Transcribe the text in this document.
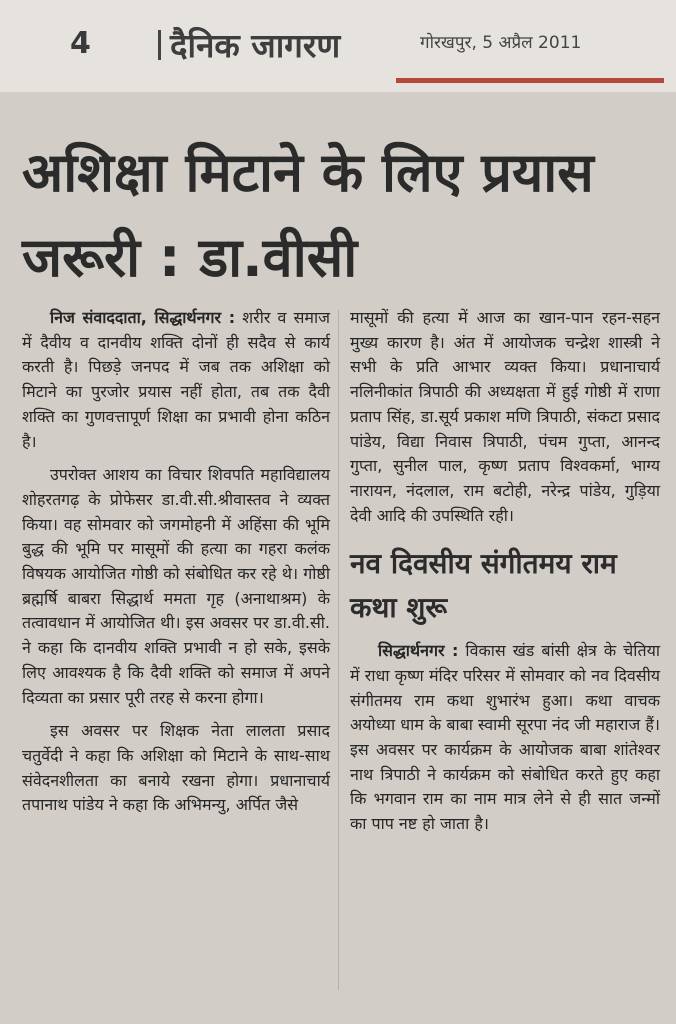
4 दैनिक जागरण	गोरखपुर, 5 अप्रैल 2011
अशिक्षा मिटाने के लिए प्रयास जरूरी : डा.वीसी

निज संवाददाता, सिद्धार्थनगर : शरीर व समाज में दैवीय व दानवीय शक्ति दोनों ही सदैव से कार्य करती है। पिछड़े जनपद में जब तक अशिक्षा को मिटाने का पुरजोर प्रयास नहीं होता, तब तक दैवी शक्ति का गुणवत्तापूर्ण शिक्षा का प्रभावी होना कठिन है।

उपरोक्त आशय का विचार शिवपति महाविद्यालय शोहरतगढ़ के प्रोफेसर डा.वी.सी.श्रीवास्तव ने व्यक्त किया। वह सोमवार को जगमोहनी में अहिंसा की भूमि बुद्ध की भूमि पर मासूमों की हत्या का गहरा कलंक विषयक आयोजित गोष्ठी को संबोधित कर रहे थे। गोष्ठी ब्रह्मर्षि बाबरा सिद्धार्थ ममता गृह (अनाथाश्रम) के तत्वावधान में आयोजित थी। इस अवसर पर डा.वी.सी. ने कहा कि दानवीय शक्ति प्रभावी न हो सके, इसके लिए आवश्यक है कि दैवी शक्ति को समाज में अपने दिव्यता का प्रसार पूरी तरह से करना होगा।

इस अवसर पर शिक्षक नेता लालता प्रसाद चतुर्वेदी ने कहा कि अशिक्षा को मिटाने के साथ-साथ संवेदनशीलता का बनाये रखना होगा। प्रधानाचार्य तपानाथ पांडेय ने कहा कि अभिमन्यु, अर्पित जैसे

मासूमों की हत्या में आज का खान-पान रहन-सहन मुख्य कारण है। अंत में आयोजक चन्द्रेश शास्त्री ने सभी के प्रति आभार व्यक्त किया। प्रधानाचार्य नलिनीकांत त्रिपाठी की अध्यक्षता में हुई गोष्ठी में राणा प्रताप सिंह, डा.सूर्य प्रकाश मणि त्रिपाठी, संकटा प्रसाद पांडेय, विद्या निवास त्रिपाठी, पंचम गुप्ता, आनन्द गुप्ता, सुनील पाल, कृष्ण प्रताप विश्वकर्मा, भाग्य नारायन, नंदलाल, राम बटोही, नरेन्द्र पांडेय, गुड़िया देवी आदि की उपस्थिति रही।

नव दिवसीय संगीतमय राम कथा शुरू

सिद्धार्थनगर : विकास खंड बांसी क्षेत्र के चेतिया में राधा कृष्ण मंदिर परिसर में सोमवार को नव दिवसीय संगीतमय राम कथा शुभारंभ हुआ। कथा वाचक अयोध्या धाम के बाबा स्वामी सूरपा नंद जी महाराज हैं। इस अवसर पर कार्यक्रम के आयोजक बाबा शांतेश्वर नाथ त्रिपाठी ने कार्यक्रम को संबोधित करते हुए कहा कि भगवान राम का नाम मात्र लेने से ही सात जन्मों का पाप नष्ट हो जाता है।
